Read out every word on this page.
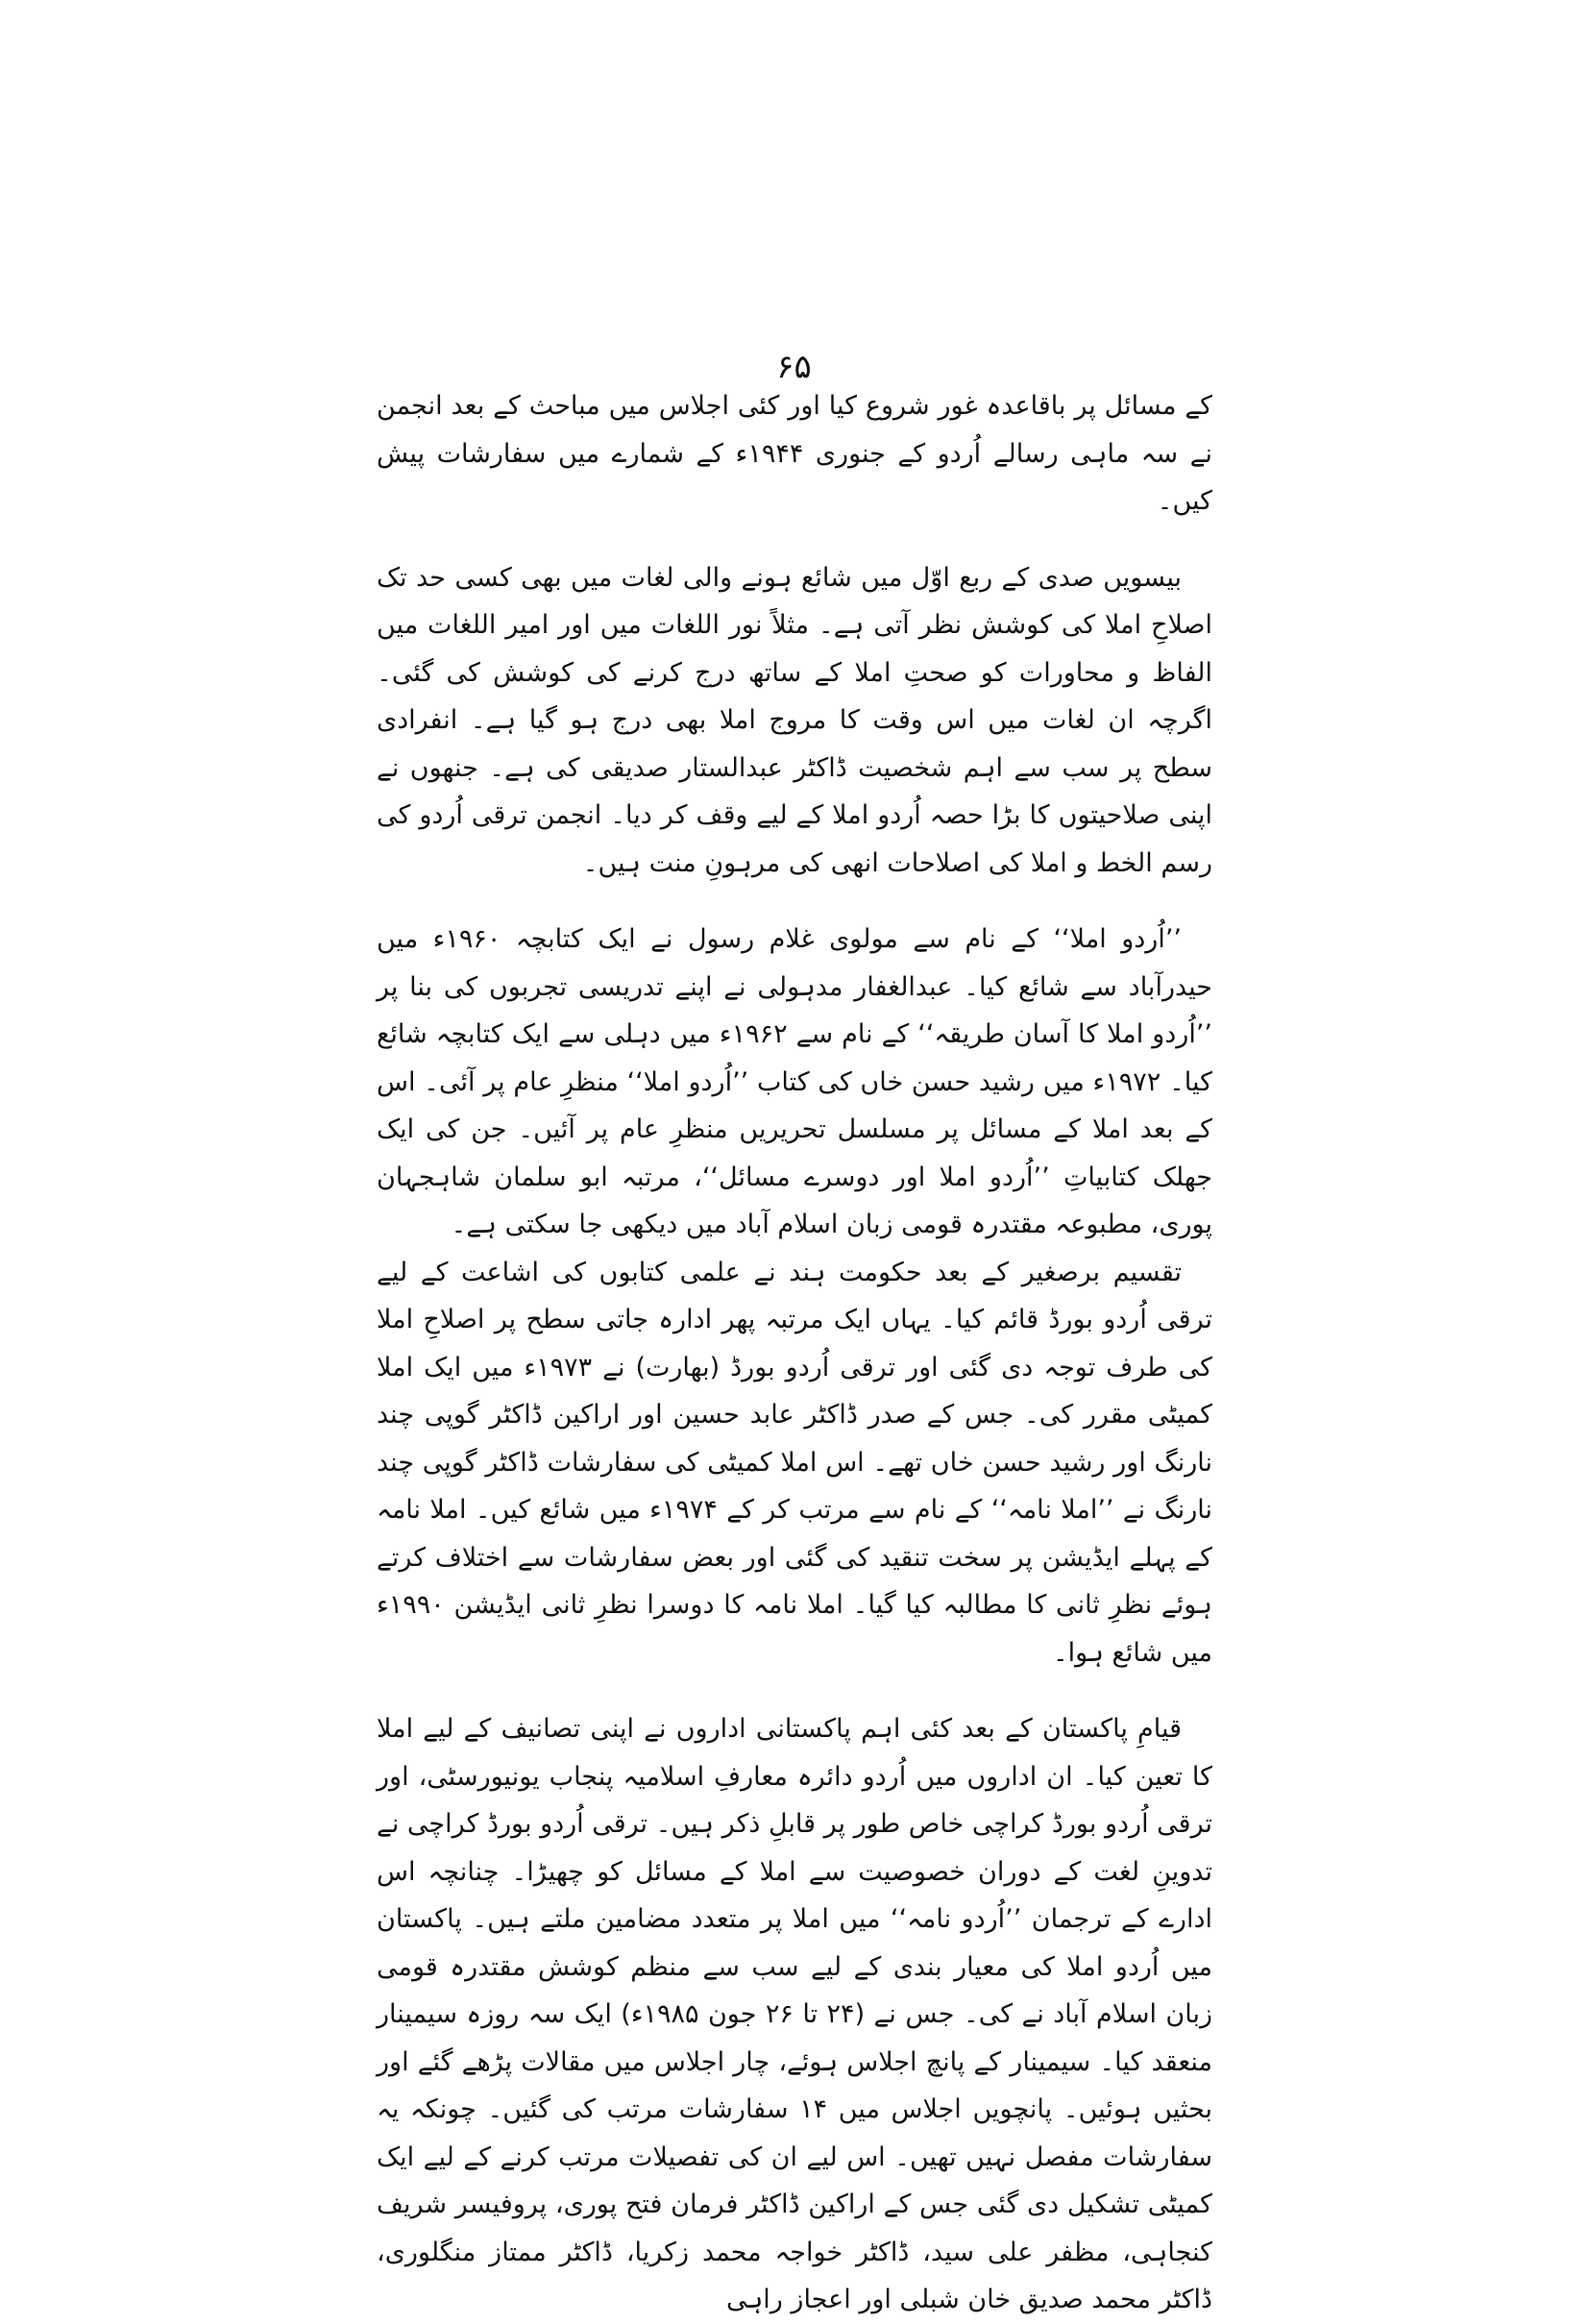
۶۵

کے مسائل پر باقاعدہ غور شروع کیا اور کئی اجلاس میں مباحث کے بعد انجمن نے سہ ماہی رسالے اُردو کے جنوری ۱۹۴۴ء کے شمارے میں سفارشات پیش کیں۔

بیسویں صدی کے ربع اوّل میں شائع ہونے والی لغات میں بھی کسی حد تک اصلاحِ املا کی کوشش نظر آتی ہے۔ مثلاً نور اللغات میں اور امیر اللغات میں الفاظ و محاورات کو صحتِ املا کے ساتھ درج کرنے کی کوشش کی گئی۔ اگرچہ ان لغات میں اس وقت کا مروج املا بھی درج ہو گیا ہے۔ انفرادی سطح پر سب سے اہم شخصیت ڈاکٹر عبدالستار صدیقی کی ہے۔ جنھوں نے اپنی صلاحیتوں کا بڑا حصہ اُردو املا کے لیے وقف کر دیا۔ انجمن ترقی اُردو کی رسم الخط و املا کی اصلاحات انھی کی مرہونِ منت ہیں۔

’’اُردو املا‘‘ کے نام سے مولوی غلام رسول نے ایک کتابچہ ۱۹۶۰ء میں حیدرآباد سے شائع کیا۔ عبدالغفار مدہولی نے اپنے تدریسی تجربوں کی بنا پر ’’اُردو املا کا آسان طریقہ‘‘ کے نام سے ۱۹۶۲ء میں دہلی سے ایک کتابچہ شائع کیا۔ ۱۹۷۲ء میں رشید حسن خاں کی کتاب ’’اُردو املا‘‘ منظرِ عام پر آئی۔ اس کے بعد املا کے مسائل پر مسلسل تحریریں منظرِ عام پر آئیں۔ جن کی ایک جھلک کتابیاتِ ’’اُردو املا اور دوسرے مسائل‘‘، مرتبہ ابو سلمان شاہجہان پوری، مطبوعہ مقتدرہ قومی زبان اسلام آباد میں دیکھی جا سکتی ہے۔

تقسیم برصغیر کے بعد حکومت ہند نے علمی کتابوں کی اشاعت کے لیے ترقی اُردو بورڈ قائم کیا۔ یہاں ایک مرتبہ پھر ادارہ جاتی سطح پر اصلاحِ املا کی طرف توجہ دی گئی اور ترقی اُردو بورڈ (بھارت) نے ۱۹۷۳ء میں ایک املا کمیٹی مقرر کی۔ جس کے صدر ڈاکٹر عابد حسین اور اراکین ڈاکٹر گوپی چند نارنگ اور رشید حسن خاں تھے۔ اس املا کمیٹی کی سفارشات ڈاکٹر گوپی چند نارنگ نے ’’املا نامہ‘‘ کے نام سے مرتب کر کے ۱۹۷۴ء میں شائع کیں۔ املا نامہ کے پہلے ایڈیشن پر سخت تنقید کی گئی اور بعض سفارشات سے اختلاف کرتے ہوئے نظرِ ثانی کا مطالبہ کیا گیا۔ املا نامہ کا دوسرا نظرِ ثانی ایڈیشن ۱۹۹۰ء میں شائع ہوا۔

قیامِ پاکستان کے بعد کئی اہم پاکستانی اداروں نے اپنی تصانیف کے لیے املا کا تعین کیا۔ ان اداروں میں اُردو دائرہ معارفِ اسلامیہ پنجاب یونیورسٹی، اور ترقی اُردو بورڈ کراچی خاص طور پر قابلِ ذکر ہیں۔ ترقی اُردو بورڈ کراچی نے تدوینِ لغت کے دوران خصوصیت سے املا کے مسائل کو چھیڑا۔ چنانچہ اس ادارے کے ترجمان ’’اُردو نامہ‘‘ میں املا پر متعدد مضامین ملتے ہیں۔ پاکستان میں اُردو املا کی معیار بندی کے لیے سب سے منظم کوشش مقتدرہ قومی زبان اسلام آباد نے کی۔ جس نے (۲۴ تا ۲۶ جون ۱۹۸۵ء) ایک سہ روزہ سیمینار منعقد کیا۔ سیمینار کے پانچ اجلاس ہوئے، چار اجلاس میں مقالات پڑھے گئے اور بحثیں ہوئیں۔ پانچویں اجلاس میں ۱۴ سفارشات مرتب کی گئیں۔ چونکہ یہ سفارشات مفصل نہیں تھیں۔ اس لیے ان کی تفصیلات مرتب کرنے کے لیے ایک کمیٹی تشکیل دی گئی جس کے اراکین ڈاکٹر فرمان فتح پوری، پروفیسر شریف کنجاہی، مظفر علی سید، ڈاکٹر خواجہ محمد زکریا، ڈاکٹر ممتاز منگلوری، ڈاکٹر محمد صدیق خان شبلی اور اعجاز راہی
